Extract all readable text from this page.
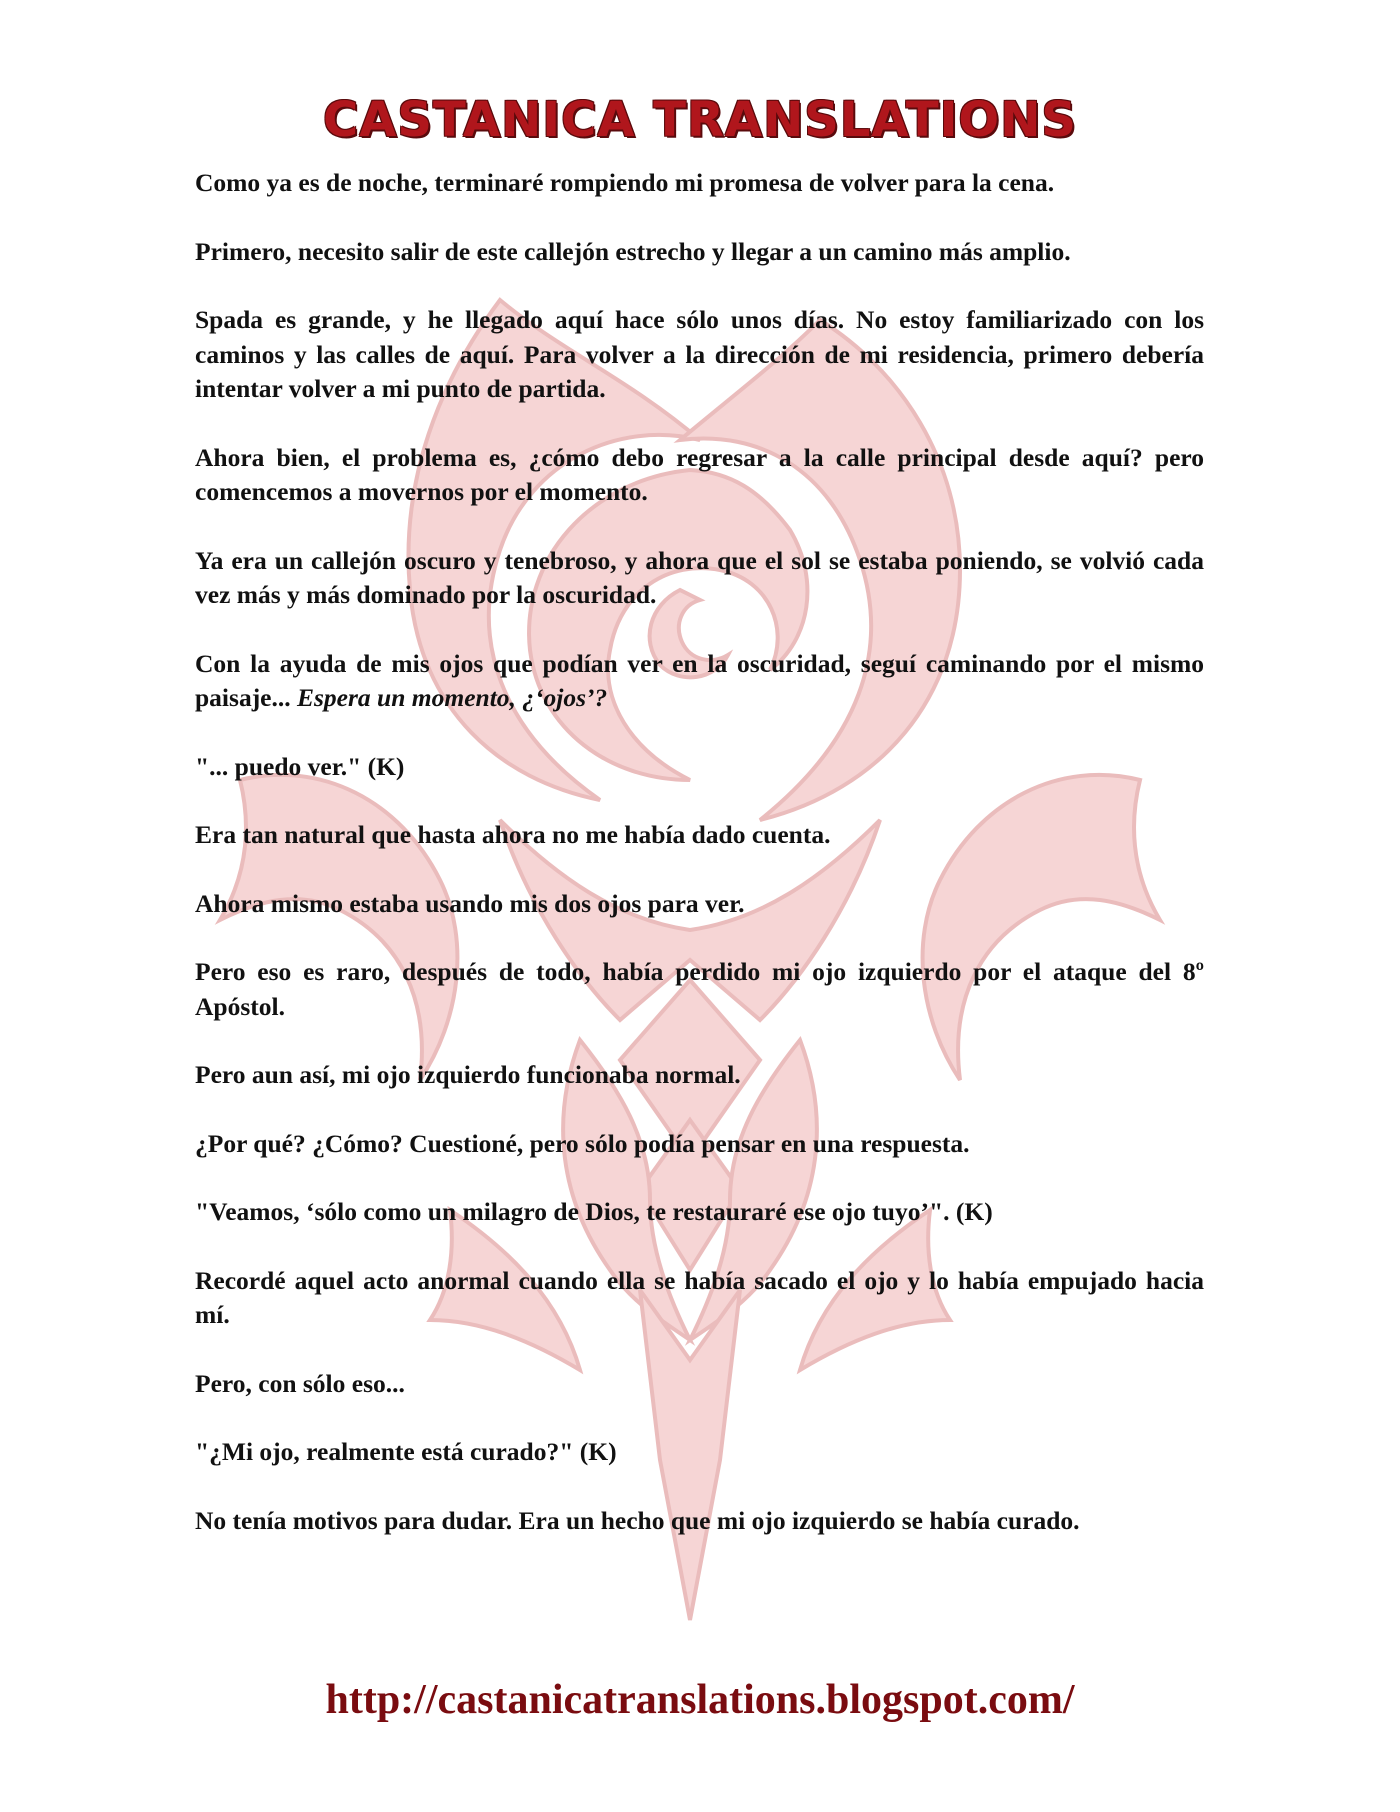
CASTANICA TRANSLATIONS

Como ya es de noche, terminaré rompiendo mi promesa de volver para la cena.

Primero, necesito salir de este callejón estrecho y llegar a un camino más amplio.

Spada es grande, y he llegado aquí hace sólo unos días. No estoy familiarizado con los caminos y las calles de aquí. Para volver a la dirección de mi residencia, primero debería intentar volver a mi punto de partida.

Ahora bien, el problema es, ¿cómo debo regresar a la calle principal desde aquí? pero comencemos a movernos por el momento.

Ya era un callejón oscuro y tenebroso, y ahora que el sol se estaba poniendo, se volvió cada vez más y más dominado por la oscuridad.

Con la ayuda de mis ojos que podían ver en la oscuridad, seguí caminando por el mismo paisaje... Espera un momento, ¿‘ojos’?

"... puedo ver." (K)

Era tan natural que hasta ahora no me había dado cuenta.

Ahora mismo estaba usando mis dos ojos para ver.

Pero eso es raro, después de todo, había perdido mi ojo izquierdo por el ataque del 8º Apóstol.

Pero aun así, mi ojo izquierdo funcionaba normal.

¿Por qué? ¿Cómo? Cuestioné, pero sólo podía pensar en una respuesta.

"Veamos, ‘sólo como un milagro de Dios, te restauraré ese ojo tuyo’". (K)

Recordé aquel acto anormal cuando ella se había sacado el ojo y lo había empujado hacia mí.

Pero, con sólo eso...

"¿Mi ojo, realmente está curado?" (K)

No tenía motivos para dudar. Era un hecho que mi ojo izquierdo se había curado.

http://castanicatranslations.blogspot.com/
